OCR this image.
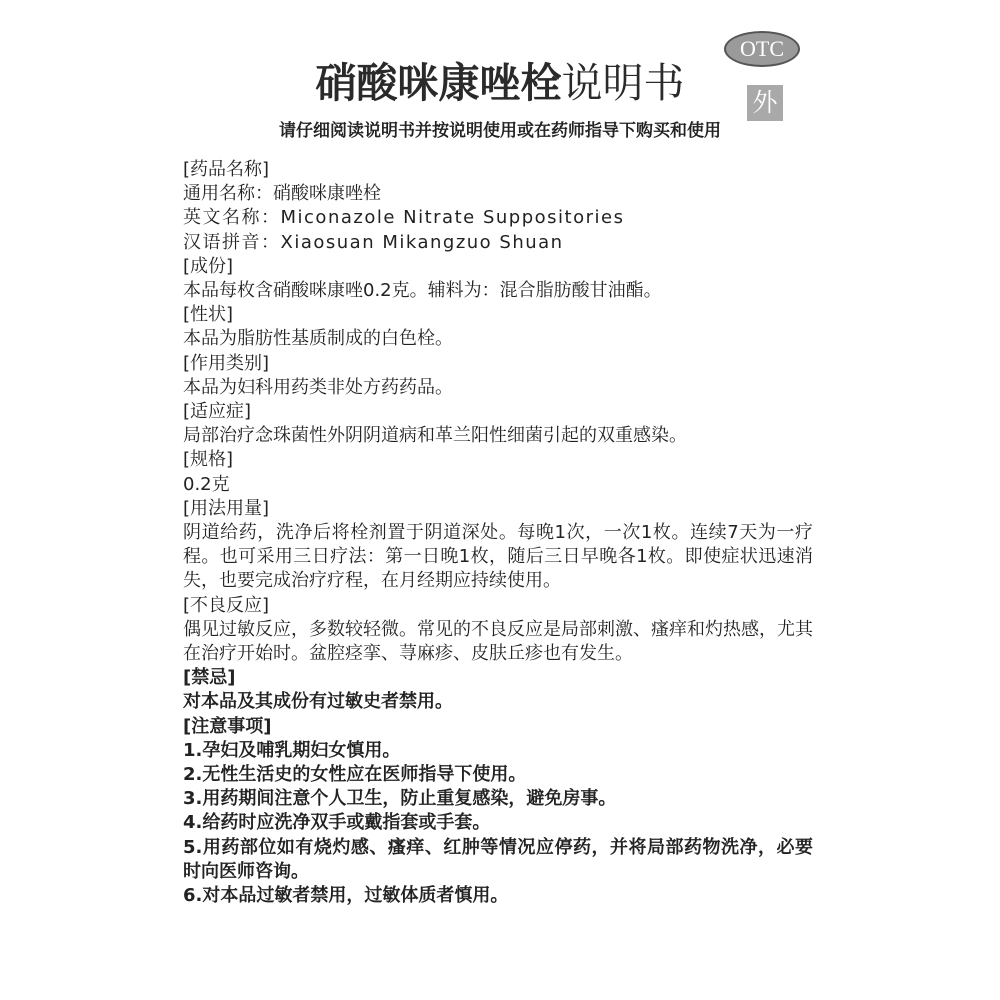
OTC
外
硝酸咪康唑栓说明书
请仔细阅读说明书并按说明使用或在药师指导下购买和使用
[药品名称]
通用名称：硝酸咪康唑栓
英文名称：Miconazole Nitrate Suppositories
汉语拼音：Xiaosuan Mikangzuo Shuan
[成份]
本品每枚含硝酸咪康唑0.2克。辅料为：混合脂肪酸甘油酯。
[性状]
本品为脂肪性基质制成的白色栓。
[作用类别]
本品为妇科用药类非处方药药品。
[适应症]
局部治疗念珠菌性外阴阴道病和革兰阳性细菌引起的双重感染。
[规格]
0.2克
[用法用量]
阴道给药，洗净后将栓剂置于阴道深处。每晚1次，一次1枚。连续7天为一疗程。也可采用三日疗法：第一日晚1枚，随后三日早晚各1枚。即使症状迅速消失，也要完成治疗疗程，在月经期应持续使用。
[不良反应]
偶见过敏反应，多数较轻微。常见的不良反应是局部刺激、瘙痒和灼热感，尤其在治疗开始时。盆腔痉挛、荨麻疹、皮肤丘疹也有发生。
[禁忌]
对本品及其成份有过敏史者禁用。
[注意事项]
1.孕妇及哺乳期妇女慎用。
2.无性生活史的女性应在医师指导下使用。
3.用药期间注意个人卫生，防止重复感染，避免房事。
4.给药时应洗净双手或戴指套或手套。
5.用药部位如有烧灼感、瘙痒、红肿等情况应停药，并将局部药物洗净，必要时向医师咨询。
6.对本品过敏者禁用，过敏体质者慎用。
